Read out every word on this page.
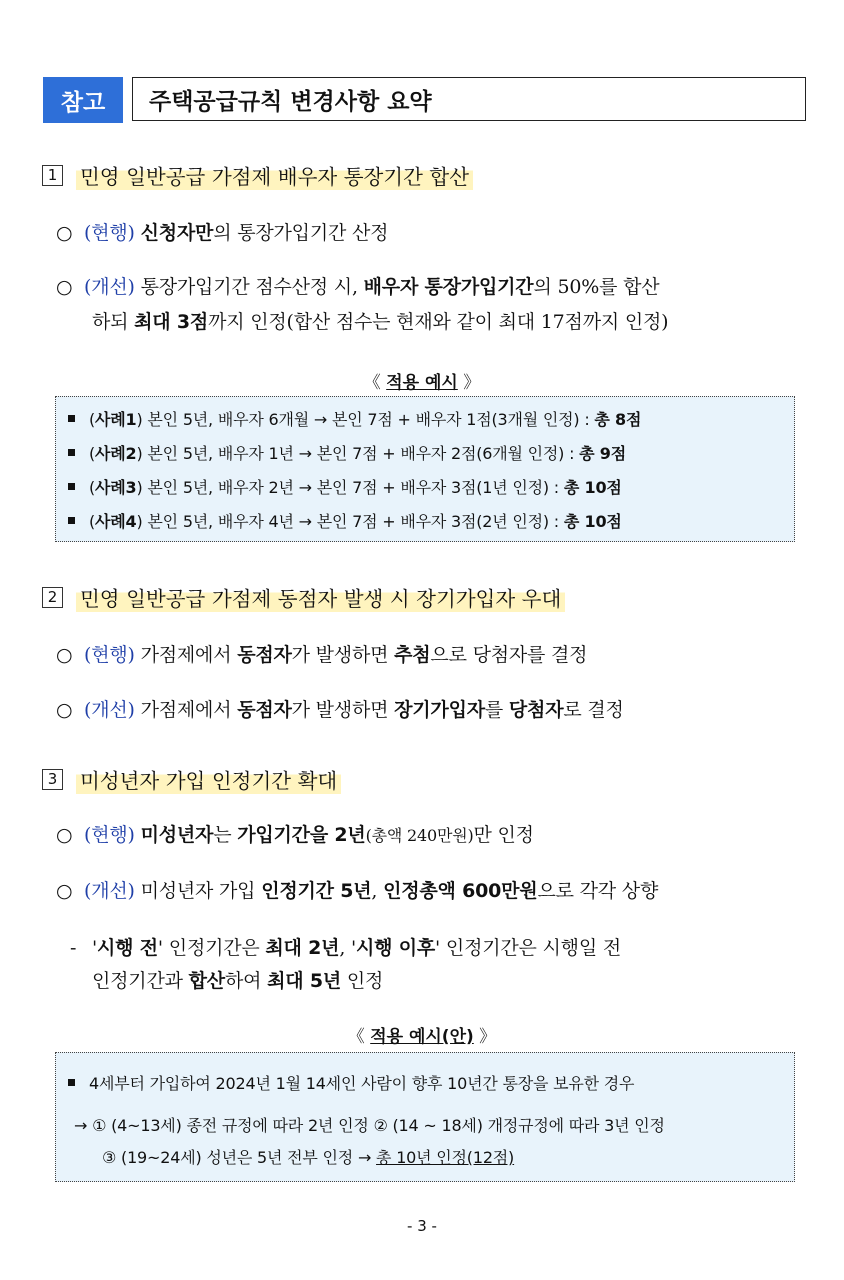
참고	주택공급규칙 변경사항 요약
1 민영 일반공급 가점제 배우자 통장기간 합산
○ (현행) 신청자만의 통장가입기간 산정
○ (개선) 통장가입기간 점수산정 시, 배우자 통장가입기간의 50%를 합산
하되 최대 3점까지 인정(합산 점수는 현재와 같이 최대 17점까지 인정)
《 적용 예시 》
(사례1) 본인 5년, 배우자 6개월 → 본인 7점 + 배우자 1점(3개월 인정) : 총 8점
(사례2) 본인 5년, 배우자 1년 → 본인 7점 + 배우자 2점(6개월 인정) : 총 9점
(사례3) 본인 5년, 배우자 2년 → 본인 7점 + 배우자 3점(1년 인정) : 총 10점
(사례4) 본인 5년, 배우자 4년 → 본인 7점 + 배우자 3점(2년 인정) : 총 10점
2 민영 일반공급 가점제 동점자 발생 시 장기가입자 우대
○ (현행) 가점제에서 동점자가 발생하면 추첨으로 당첨자를 결정
○ (개선) 가점제에서 동점자가 발생하면 장기가입자를 당첨자로 결정
3 미성년자 가입 인정기간 확대
○ (현행) 미성년자는 가입기간을 2년(총액 240만원)만 인정
○ (개선) 미성년자 가입 인정기간 5년, 인정총액 600만원으로 각각 상향
- '시행 전' 인정기간은 최대 2년, '시행 이후' 인정기간은 시행일 전
인정기간과 합산하여 최대 5년 인정
《 적용 예시(안) 》
4세부터 가입하여 2024년 1월 14세인 사람이 향후 10년간 통장을 보유한 경우
→ ① (4~13세) 종전 규정에 따라 2년 인정 ② (14 ~ 18세) 개정규정에 따라 3년 인정
③ (19~24세) 성년은 5년 전부 인정 → 총 10년 인정(12점)
- 3 -
